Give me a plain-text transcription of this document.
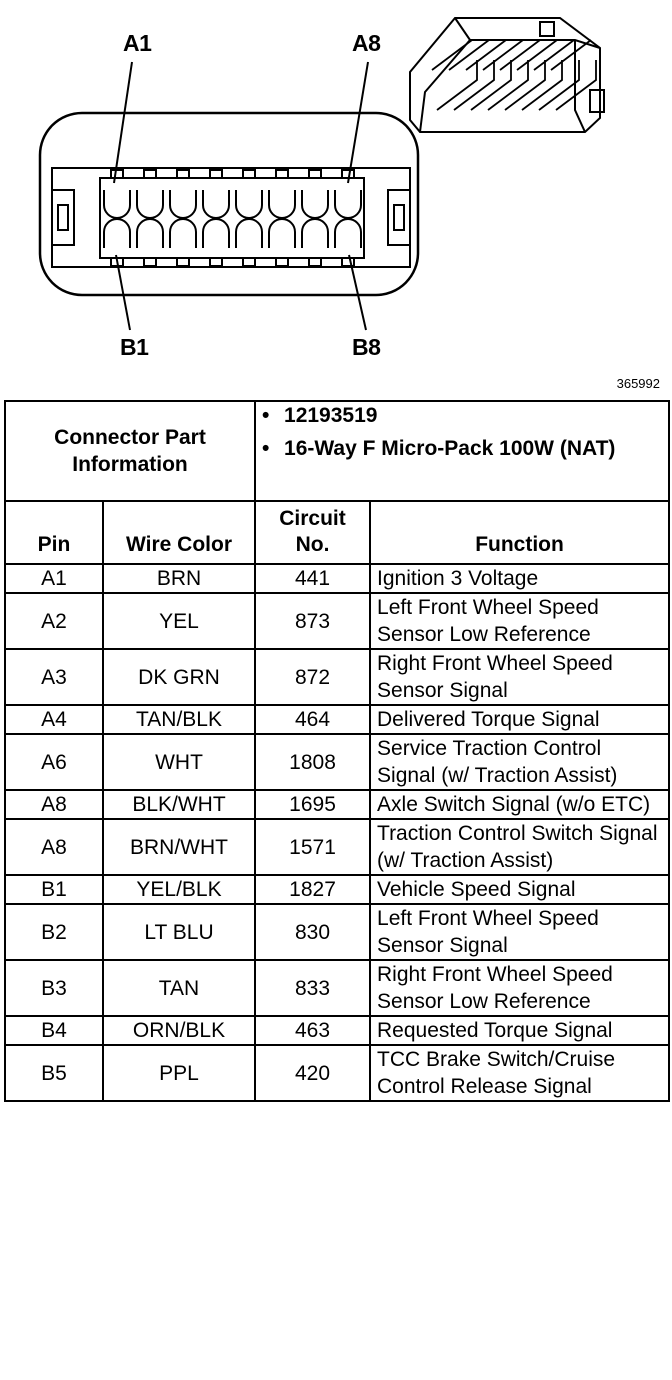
A1	A8
B1	B8
365992
Connector Part Information		• 12193519
• 16-Way F Micro-Pack 100W (NAT)	

Pin	Wire Color	Circuit No.	Function
A1	BRN	441	Ignition 3 Voltage
A2	YEL	873	Left Front Wheel Speed Sensor Low Reference
A3	DK GRN	872	Right Front Wheel Speed Sensor Signal
A4	TAN/BLK	464	Delivered Torque Signal
A6	WHT	1808	Service Traction Control Signal (w/ Traction Assist)
A8	BLK/WHT	1695	Axle Switch Signal (w/o ETC)
A8	BRN/WHT	1571	Traction Control Switch Signal (w/ Traction Assist)
B1	YEL/BLK	1827	Vehicle Speed Signal
B2	LT BLU	830	Left Front Wheel Speed Sensor Signal
B3	TAN	833	Right Front Wheel Speed Sensor Low Reference
B4	ORN/BLK	463	Requested Torque Signal
B5	PPL	420	TCC Brake Switch/Cruise Control Release Signal
